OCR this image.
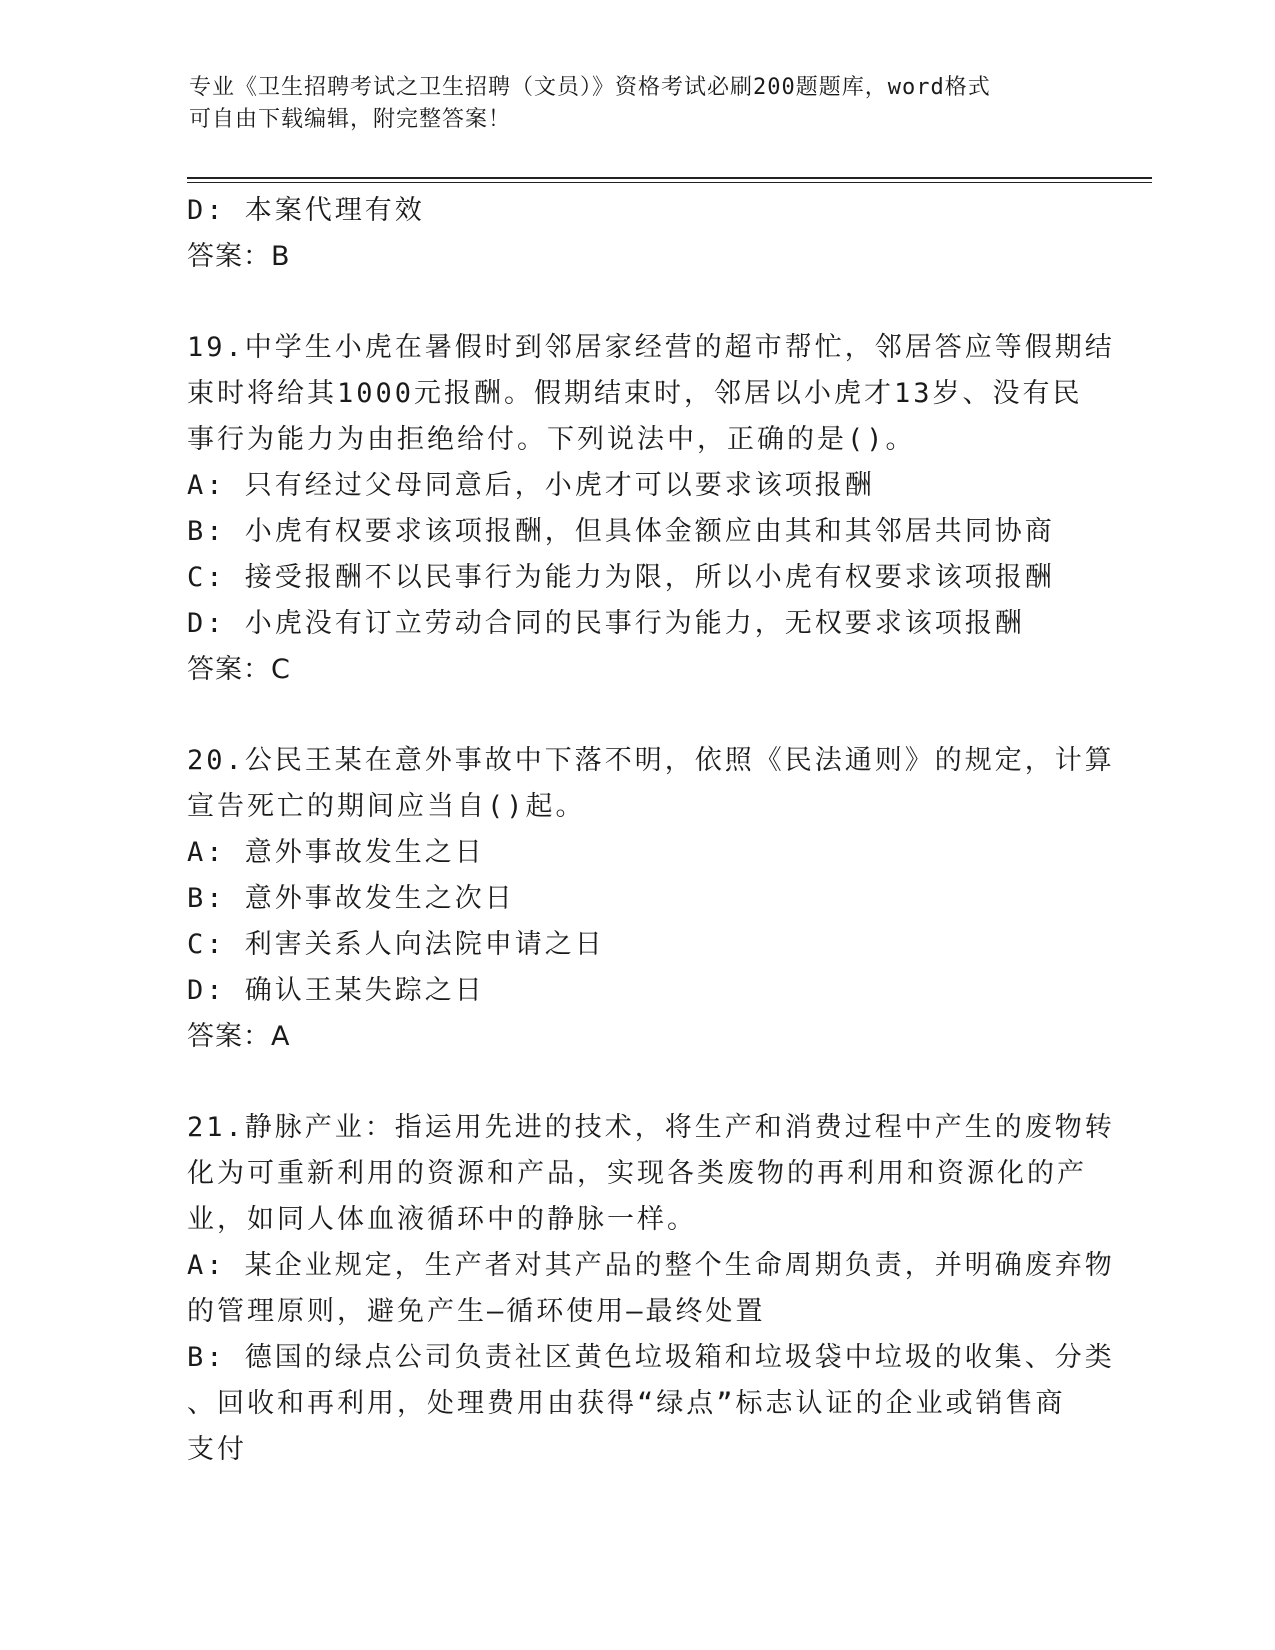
专业《卫生招聘考试之卫生招聘（文员）》资格考试必刷200题题库，word格式
可自由下载编辑，附完整答案！
D: 本案代理有效
答案：B
19.中学生小虎在暑假时到邻居家经营的超市帮忙，邻居答应等假期结
束时将给其1000元报酬。假期结束时，邻居以小虎才13岁、没有民
事行为能力为由拒绝给付。下列说法中，正确的是()。
A: 只有经过父母同意后，小虎才可以要求该项报酬
B: 小虎有权要求该项报酬，但具体金额应由其和其邻居共同协商
C: 接受报酬不以民事行为能力为限，所以小虎有权要求该项报酬
D: 小虎没有订立劳动合同的民事行为能力，无权要求该项报酬
答案：C
20.公民王某在意外事故中下落不明，依照《民法通则》的规定，计算
宣告死亡的期间应当自()起。
A: 意外事故发生之日
B: 意外事故发生之次日
C: 利害关系人向法院申请之日
D: 确认王某失踪之日
答案：A
21.静脉产业：指运用先进的技术，将生产和消费过程中产生的废物转
化为可重新利用的资源和产品，实现各类废物的再利用和资源化的产
业，如同人体血液循环中的静脉一样。
A: 某企业规定，生产者对其产品的整个生命周期负责，并明确废弃物
的管理原则，避免产生—循环使用—最终处置
B: 德国的绿点公司负责社区黄色垃圾箱和垃圾袋中垃圾的收集、分类
、回收和再利用，处理费用由获得“绿点”标志认证的企业或销售商
支付
